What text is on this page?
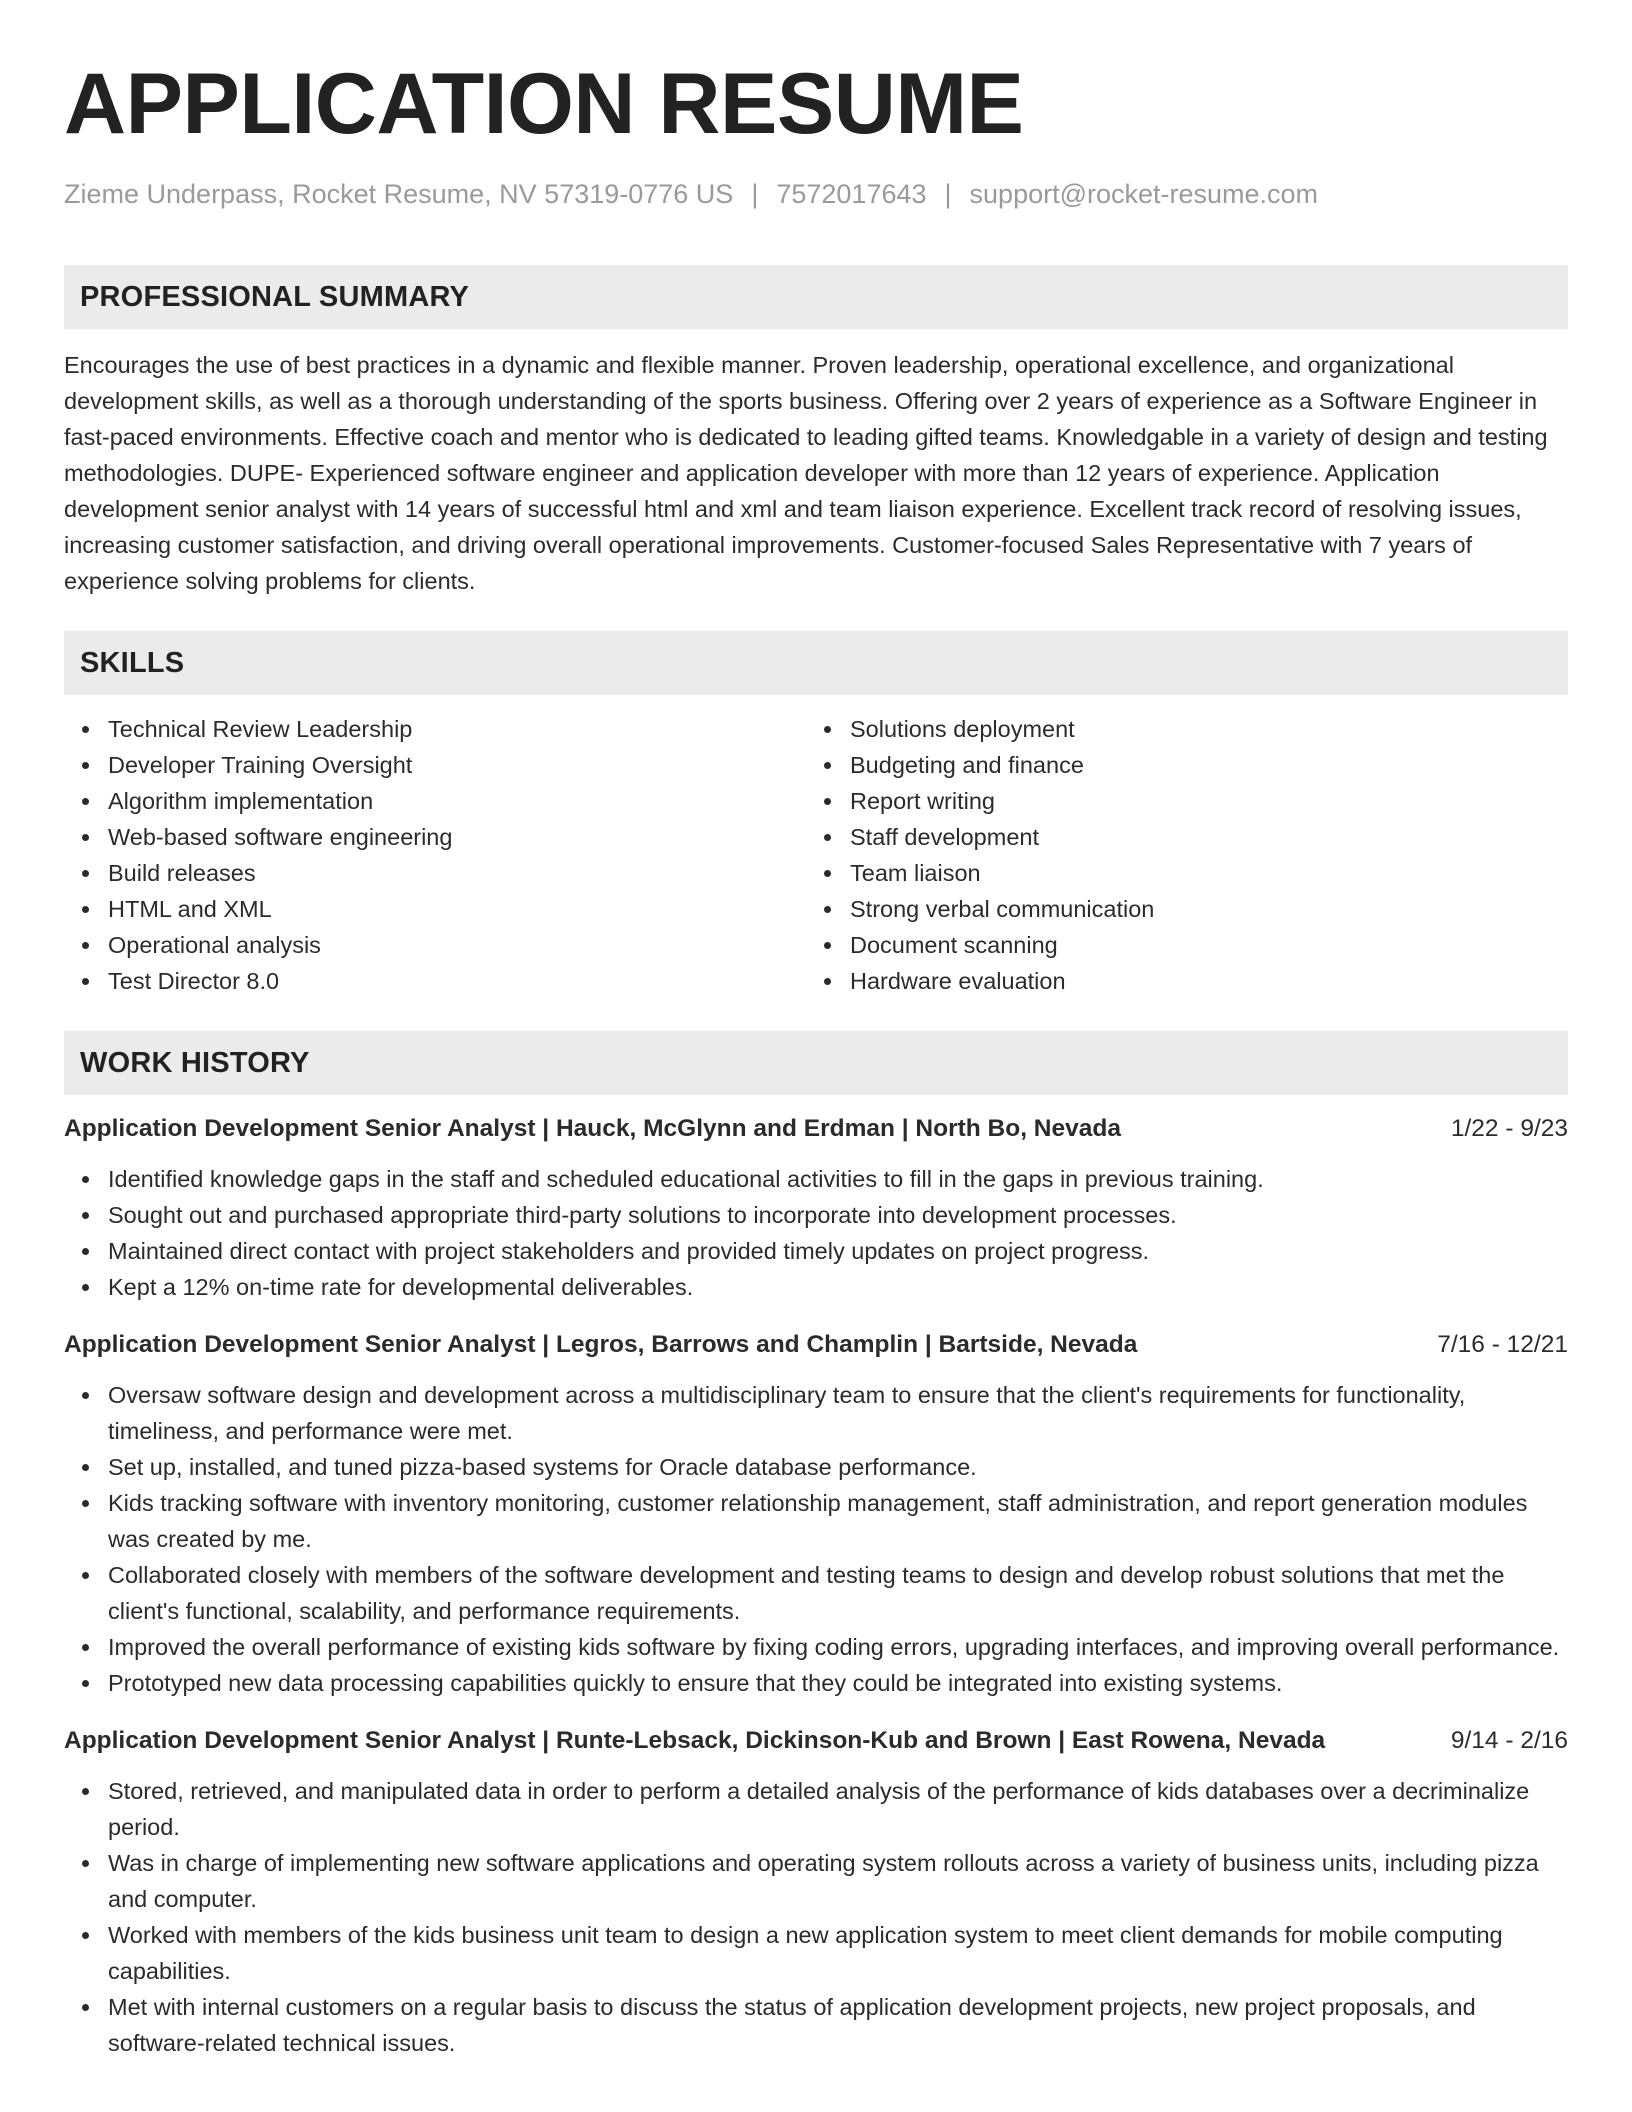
APPLICATION RESUME
Zieme Underpass, Rocket Resume, NV 57319-0776 US | 7572017643 | support@rocket-resume.com
PROFESSIONAL SUMMARY
Encourages the use of best practices in a dynamic and flexible manner. Proven leadership, operational excellence, and organizational development skills, as well as a thorough understanding of the sports business. Offering over 2 years of experience as a Software Engineer in fast-paced environments. Effective coach and mentor who is dedicated to leading gifted teams. Knowledgable in a variety of design and testing methodologies. DUPE- Experienced software engineer and application developer with more than 12 years of experience. Application development senior analyst with 14 years of successful html and xml and team liaison experience. Excellent track record of resolving issues, increasing customer satisfaction, and driving overall operational improvements. Customer-focused Sales Representative with 7 years of experience solving problems for clients.
SKILLS
Technical Review Leadership
Developer Training Oversight
Algorithm implementation
Web-based software engineering
Build releases
HTML and XML
Operational analysis
Test Director 8.0
Solutions deployment
Budgeting and finance
Report writing
Staff development
Team liaison
Strong verbal communication
Document scanning
Hardware evaluation
WORK HISTORY
Application Development Senior Analyst | Hauck, McGlynn and Erdman | North Bo, Nevada	1/22 - 9/23
Identified knowledge gaps in the staff and scheduled educational activities to fill in the gaps in previous training.
Sought out and purchased appropriate third-party solutions to incorporate into development processes.
Maintained direct contact with project stakeholders and provided timely updates on project progress.
Kept a 12% on-time rate for developmental deliverables.
Application Development Senior Analyst | Legros, Barrows and Champlin | Bartside, Nevada	7/16 - 12/21
Oversaw software design and development across a multidisciplinary team to ensure that the client's requirements for functionality, timeliness, and performance were met.
Set up, installed, and tuned pizza-based systems for Oracle database performance.
Kids tracking software with inventory monitoring, customer relationship management, staff administration, and report generation modules was created by me.
Collaborated closely with members of the software development and testing teams to design and develop robust solutions that met the client's functional, scalability, and performance requirements.
Improved the overall performance of existing kids software by fixing coding errors, upgrading interfaces, and improving overall performance.
Prototyped new data processing capabilities quickly to ensure that they could be integrated into existing systems.
Application Development Senior Analyst | Runte-Lebsack, Dickinson-Kub and Brown | East Rowena, Nevada	9/14 - 2/16
Stored, retrieved, and manipulated data in order to perform a detailed analysis of the performance of kids databases over a decriminalize period.
Was in charge of implementing new software applications and operating system rollouts across a variety of business units, including pizza and computer.
Worked with members of the kids business unit team to design a new application system to meet client demands for mobile computing capabilities.
Met with internal customers on a regular basis to discuss the status of application development projects, new project proposals, and software-related technical issues.
